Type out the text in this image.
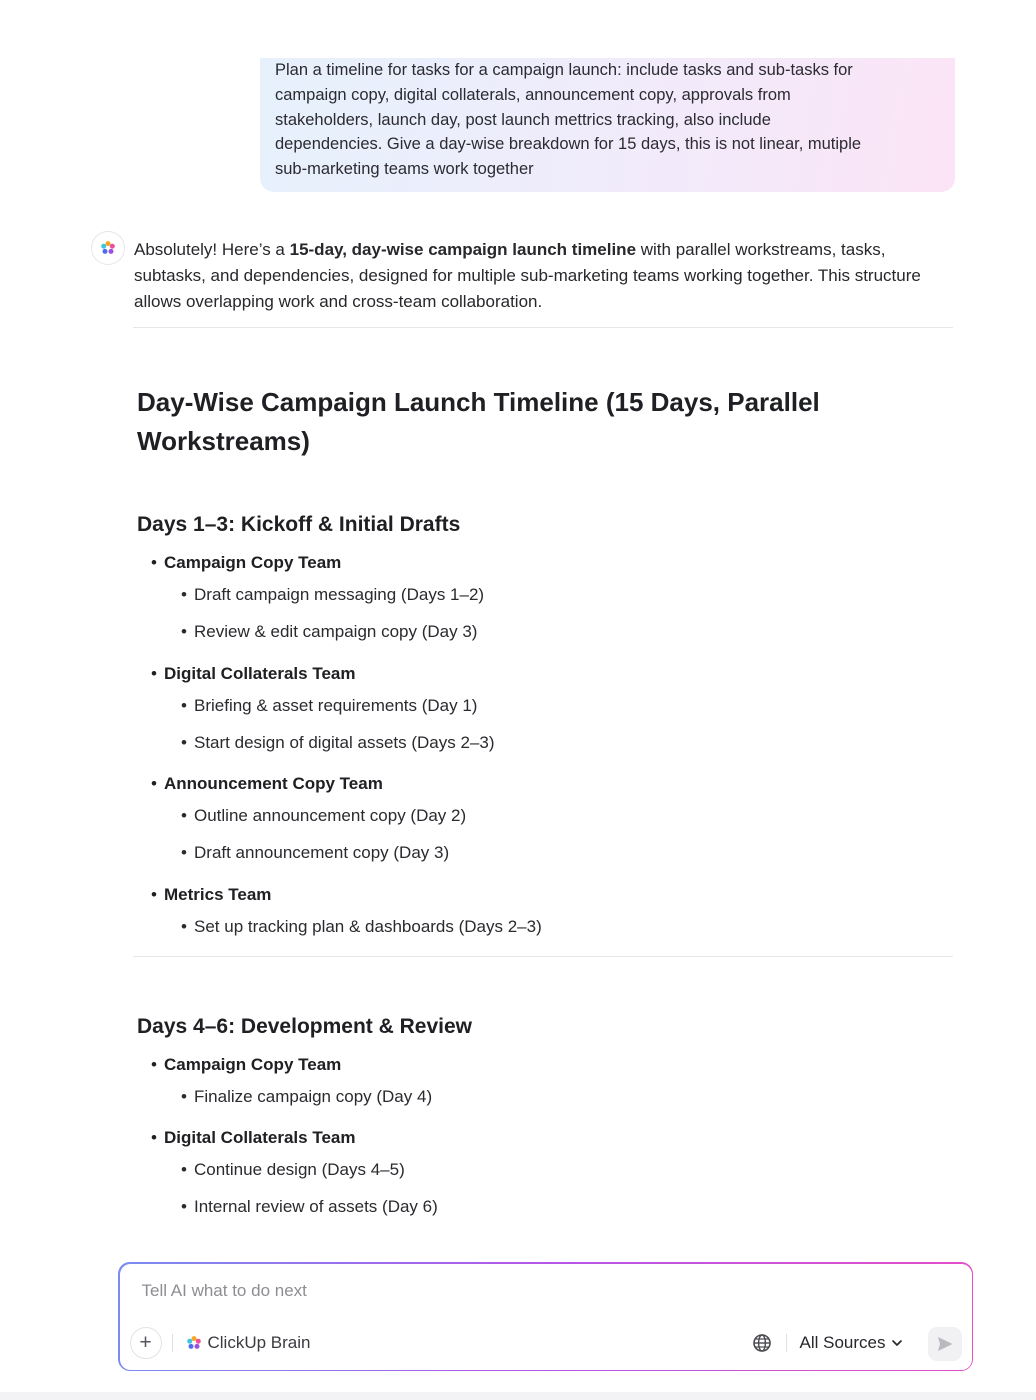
Plan a timeline for tasks for a campaign launch: include tasks and sub-tasks for
campaign copy, digital collaterals, announcement copy, approvals from
stakeholders, launch day, post launch mettrics tracking, also include
dependencies. Give a day-wise breakdown for 15 days, this is not linear, mutiple
sub-marketing teams work together
Absolutely! Here’s a 15-day, day-wise campaign launch timeline with parallel workstreams, tasks, subtasks, and dependencies, designed for multiple sub-marketing teams working together. This structure allows overlapping work and cross-team collaboration.
Day-Wise Campaign Launch Timeline (15 Days, Parallel Workstreams)
Days 1–3: Kickoff & Initial Drafts
• Campaign Copy Team
• Draft campaign messaging (Days 1–2)
• Review & edit campaign copy (Day 3)
• Digital Collaterals Team
• Briefing & asset requirements (Day 1)
• Start design of digital assets (Days 2–3)
• Announcement Copy Team
• Outline announcement copy (Day 2)
• Draft announcement copy (Day 3)
• Metrics Team
• Set up tracking plan & dashboards (Days 2–3)
Days 4–6: Development & Review
• Campaign Copy Team
• Finalize campaign copy (Day 4)
• Digital Collaterals Team
• Continue design (Days 4–5)
• Internal review of assets (Day 6)
Tell AI what to do next
+	ClickUp Brain	All Sources
